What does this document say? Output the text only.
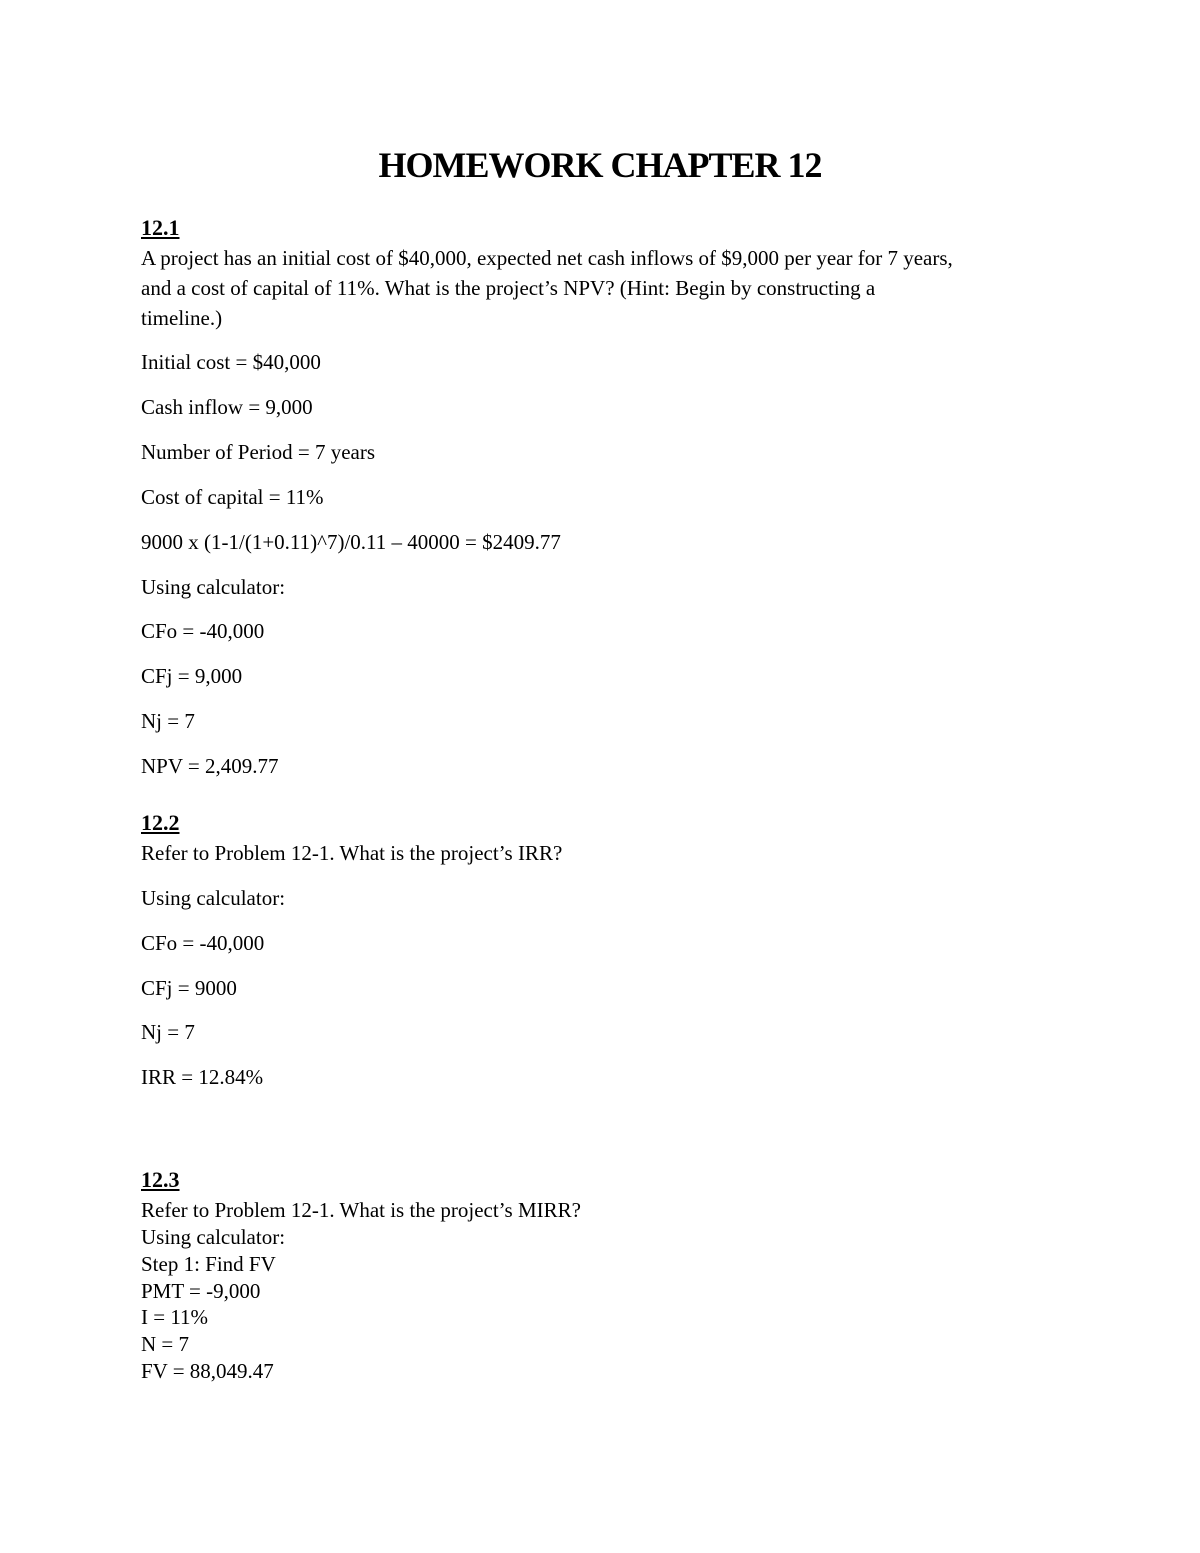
HOMEWORK CHAPTER 12
12.1
A project has an initial cost of $40,000, expected net cash inflows of $9,000 per year for 7 years,
and a cost of capital of 11%. What is the project’s NPV? (Hint: Begin by constructing a
timeline.)
Initial cost = $40,000
Cash inflow = 9,000
Number of Period = 7 years
Cost of capital = 11%
9000 x (1-1/(1+0.11)^7)/0.11 – 40000 = $2409.77
Using calculator:
CFo = -40,000
CFj = 9,000
Nj = 7
NPV = 2,409.77
12.2
Refer to Problem 12-1. What is the project’s IRR?
Using calculator:
CFo = -40,000
CFj = 9000
Nj = 7
IRR = 12.84%
12.3
Refer to Problem 12-1. What is the project’s MIRR?
Using calculator:
Step 1: Find FV
PMT = -9,000
I = 11%
N = 7
FV = 88,049.47
